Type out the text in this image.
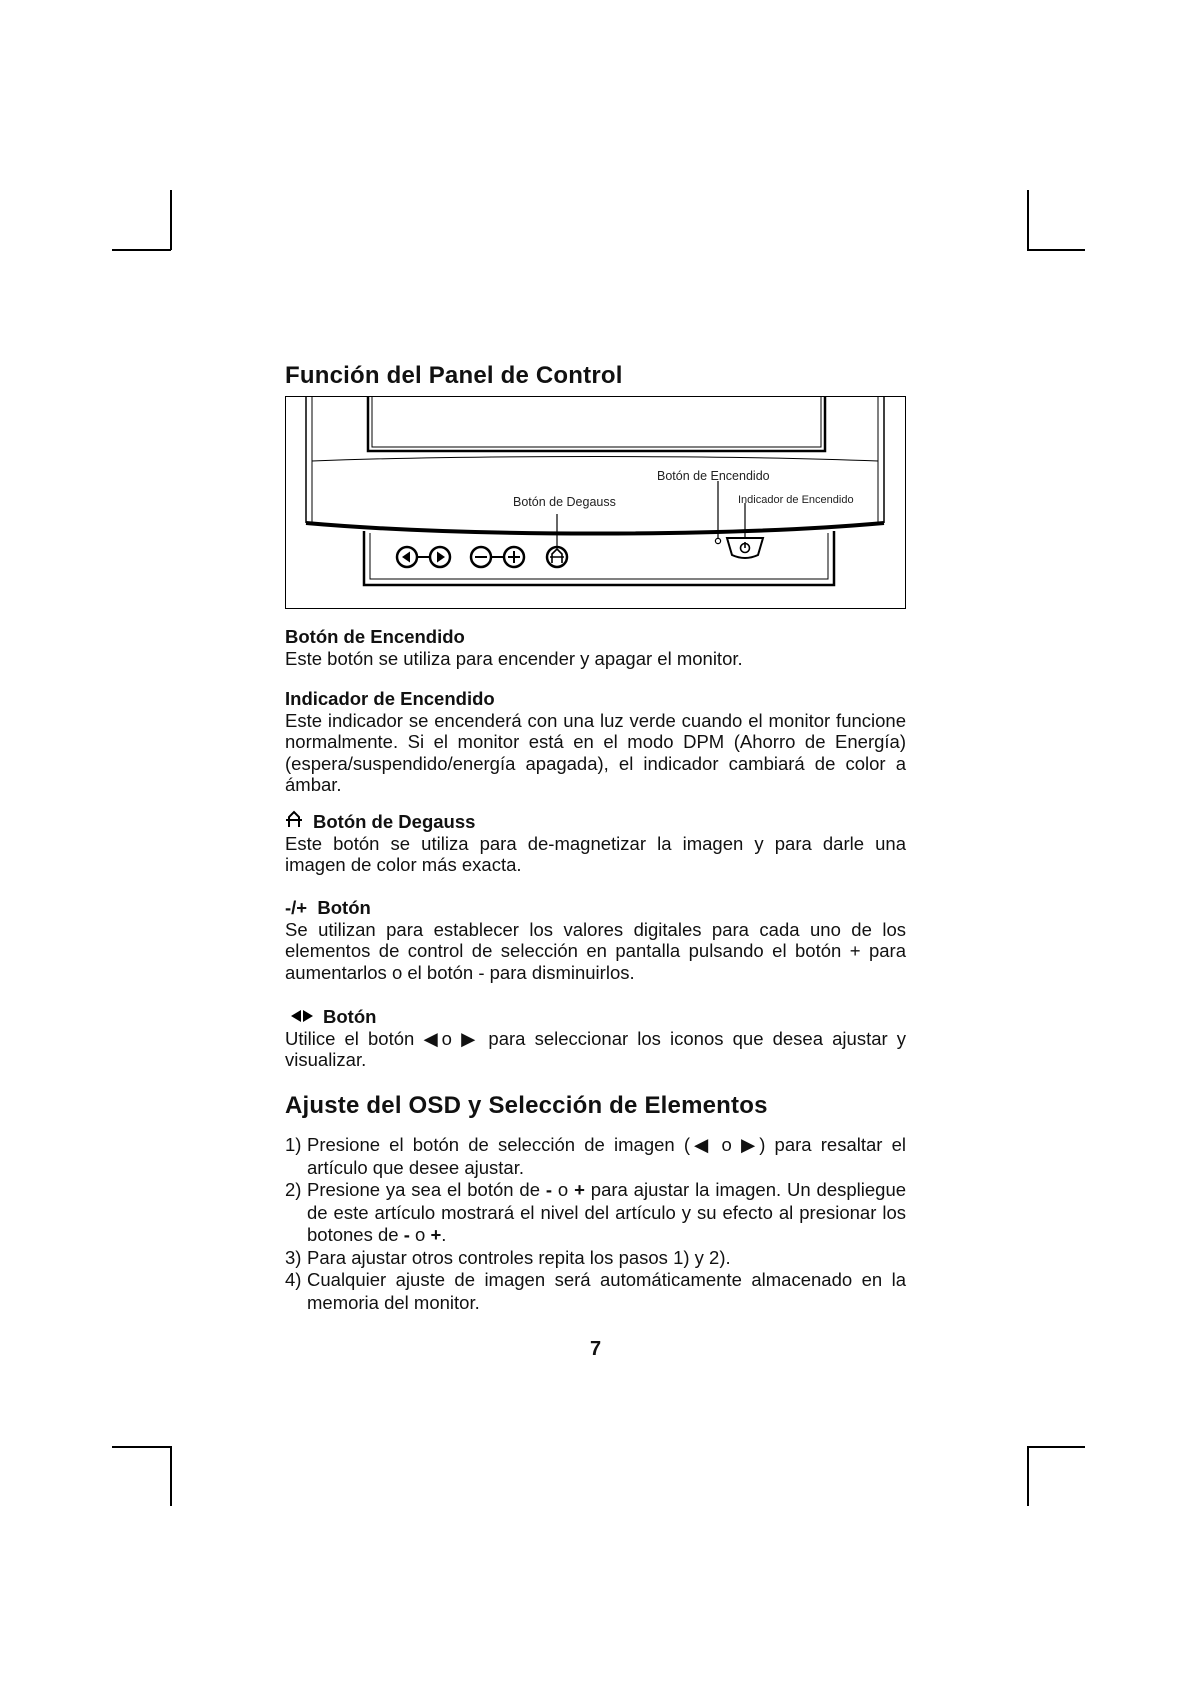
Función del Panel de Control
Botón de Encendido
Botón de Degauss	Indicador de Encendido
Botón de Encendido

Este botón se utiliza para encender y apagar el monitor.

Indicador de Encendido

Este indicador se encenderá con una luz verde cuando el monitor funcione normalmente. Si el monitor está en el modo DPM (Ahorro de Energía) (espera/suspendido/energía apagada), el indicador cambiará de color a ámbar.

Botón de Degauss

Este botón se utiliza para de-magnetizar la imagen y para darle una imagen de color más exacta.

-/+  Botón

Se utilizan para establecer los valores digitales para cada uno de los elementos de control de selección en pantalla pulsando el botón + para aumentarlos o el botón - para disminuirlos.

Botón

Utilice el botón ◀o ▶ para seleccionar los iconos que desea ajustar y visualizar.

Ajuste del OSD y Selección de Elementos
1) Presione el botón de selección de imagen (◀ o ▶) para resaltar el artículo que desee ajustar.
2) Presione ya sea el botón de - o + para ajustar la imagen. Un despliegue de este artículo mostrará el nivel del artículo y su efecto al presionar los botones de - o +.
3) Para ajustar otros controles repita los pasos 1) y 2).
4) Cualquier ajuste de imagen será automáticamente almacenado en la memoria del monitor.
7
